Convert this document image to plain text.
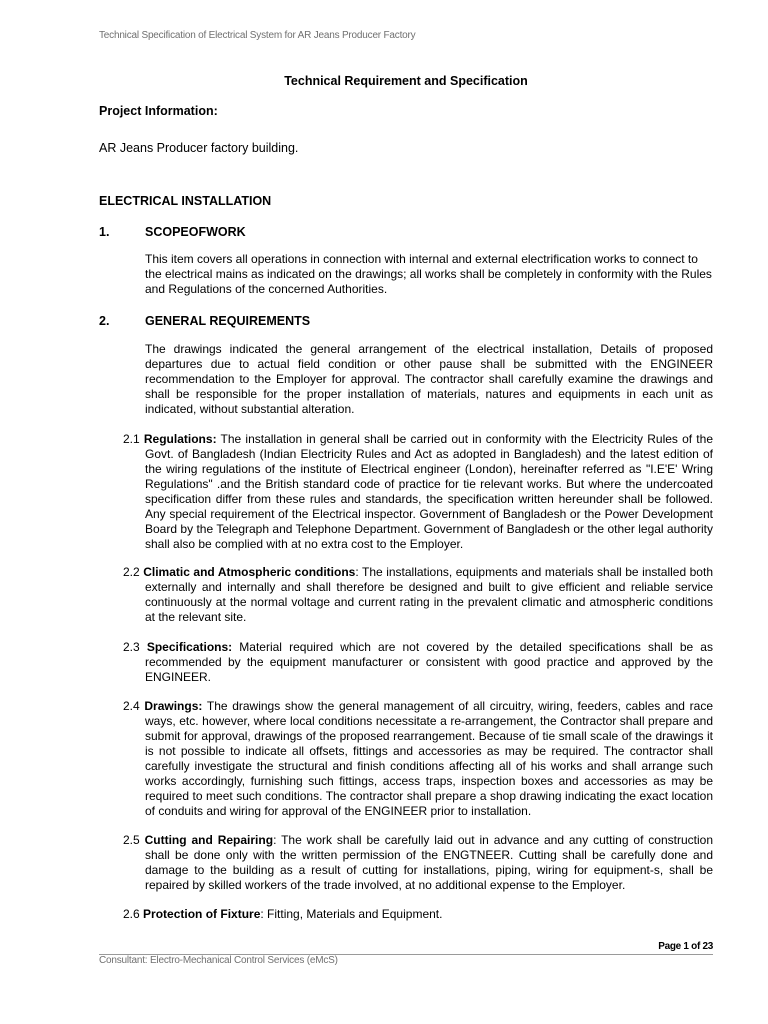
Technical Specification of Electrical System for AR Jeans Producer Factory
Technical Requirement and Specification
Project Information:
AR Jeans Producer factory building.
ELECTRICAL INSTALLATION
1.	SCOPEOFWORK
This item covers all operations in connection with internal and external electrification works to connect to the electrical mains as indicated on the drawings; all works shall be completely in conformity with the Rules and Regulations of the concerned Authorities.
2.	GENERAL REQUIREMENTS
The drawings indicated the general arrangement of the electrical installation, Details of proposed departures due to actual field condition or other pause shall be submitted with the ENGINEER recommendation to the Employer for approval. The contractor shall carefully examine the drawings and shall be responsible for the proper installation of materials, natures and equipments in each unit as indicated, without substantial alteration.
2.1 Regulations: The installation in general shall be carried out in conformity with the Electricity Rules of the Govt. of Bangladesh (Indian Electricity Rules and Act as adopted in Bangladesh) and the latest edition of the wiring regulations of the institute of Electrical engineer (London), hereinafter referred as "I.E'E' Wring Regulations" .and the British standard code of practice for tie relevant works. But where the undercoated specification differ from these rules and standards, the specification written hereunder shall be followed. Any special requirement of the Electrical inspector. Government of Bangladesh or the Power Development Board by the Telegraph and Telephone Department. Government of Bangladesh or the other legal authority shall also be complied with at no extra cost to the Employer.
2.2 Climatic and Atmospheric conditions: The installations, equipments and materials shall be installed both externally and internally and shall therefore be designed and built to give efficient and reliable service continuously at the normal voltage and current rating in the prevalent climatic and atmospheric conditions at the relevant site.
2.3 Specifications: Material required which are not covered by the detailed specifications shall be as recommended by the equipment manufacturer or consistent with good practice and approved by the ENGINEER.
2.4 Drawings: The drawings show the general management of all circuitry, wiring, feeders, cables and race ways, etc. however, where local conditions necessitate a re-arrangement, the Contractor shall prepare and submit for approval, drawings of the proposed rearrangement. Because of tie small scale of the drawings it is not possible to indicate all offsets, fittings and accessories as may be required. The contractor shall carefully investigate the structural and finish conditions affecting all of his works and shall arrange such works accordingly, furnishing such fittings, access traps, inspection boxes and accessories as may be required to meet such conditions. The contractor shall prepare a shop drawing indicating the exact location of conduits and wiring for approval of the ENGINEER prior to installation.
2.5 Cutting and Repairing: The work shall be carefully laid out in advance and any cutting of construction shall be done only with the written permission of the ENGTNEER. Cutting shall be carefully done and damage to the building as a result of cutting for installations, piping, wiring for equipment-s, shall be repaired by skilled workers of the trade involved, at no additional expense to the Employer.
2.6 Protection of Fixture: Fitting, Materials and Equipment.
Page 1 of 23
Consultant: Electro-Mechanical Control Services (eMcS)
